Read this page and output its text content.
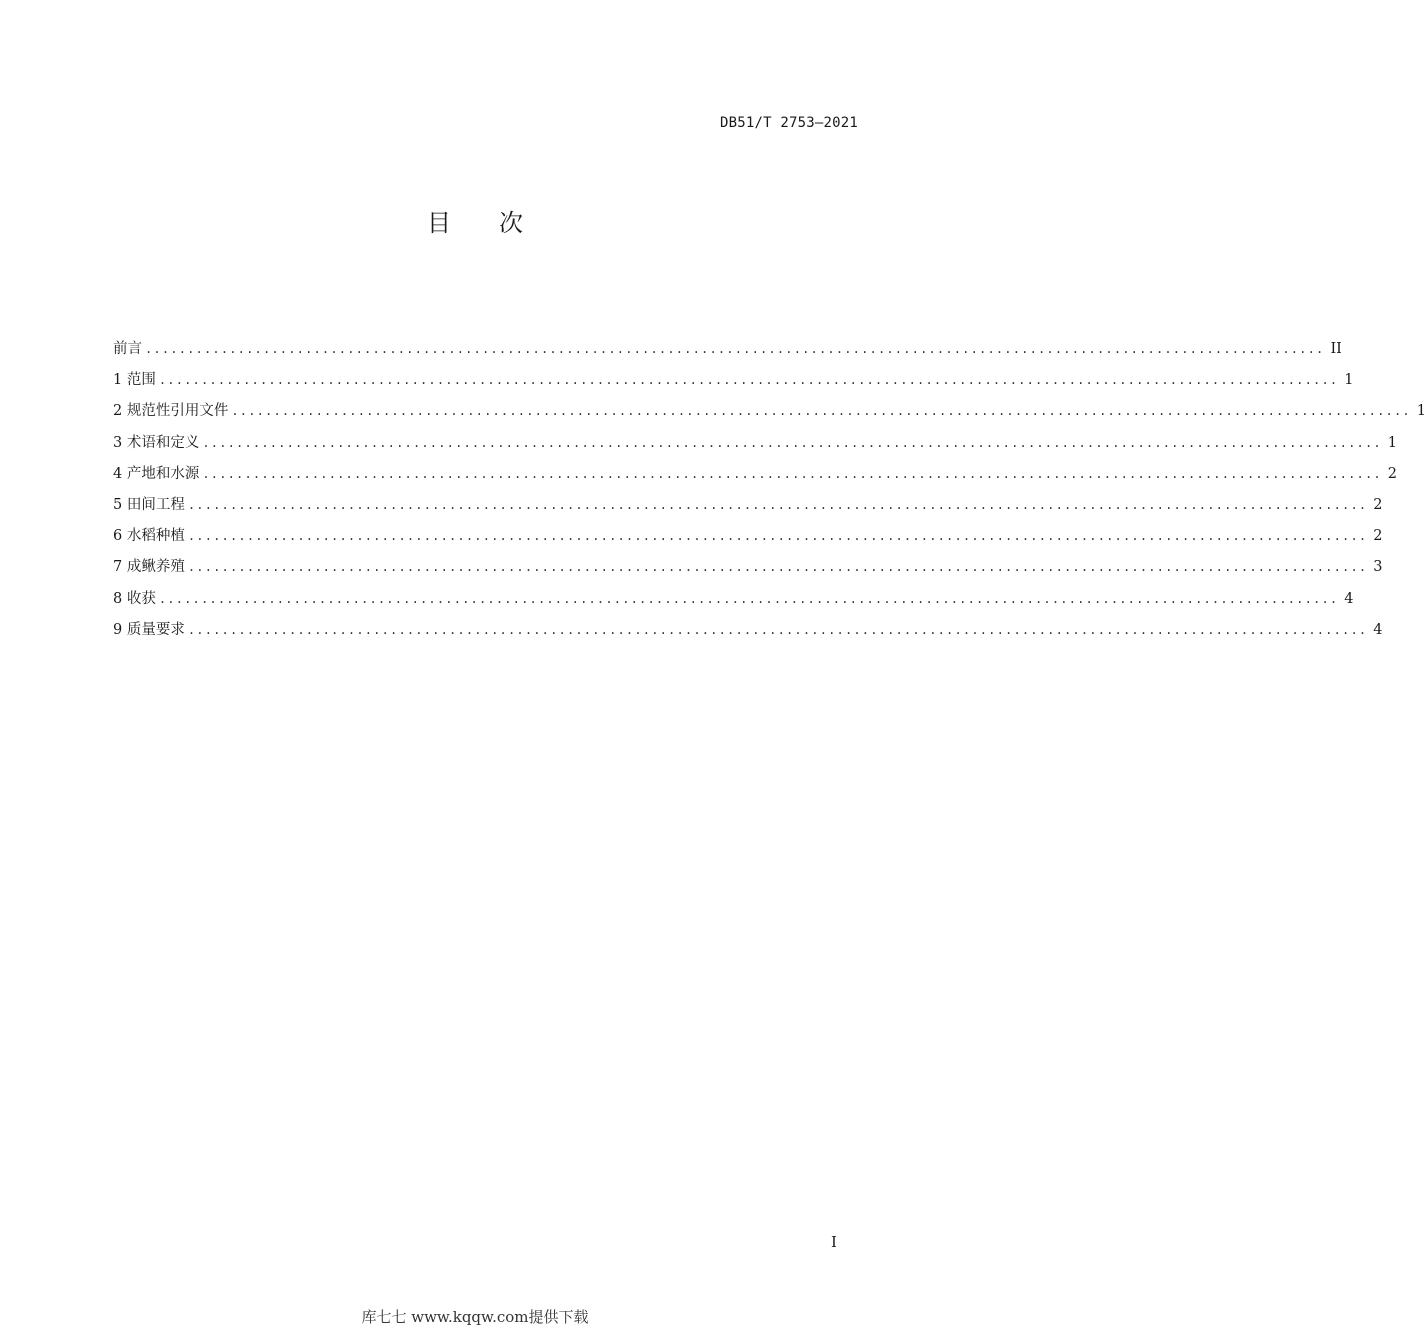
DB51/T 2753—2021
目 次
前言 ............................................................................................................................................ II
1 范围 ............................................................................................................................................ 1
2 规范性引用文件 ............................................................................................................................................ 1
3 术语和定义 ............................................................................................................................................ 1
4 产地和水源 ............................................................................................................................................ 2
5 田间工程 ............................................................................................................................................ 2
6 水稻种植 ............................................................................................................................................ 2
7 成鳅养殖 ............................................................................................................................................ 3
8 收获 ............................................................................................................................................ 4
9 质量要求 ............................................................................................................................................ 4
I
库七七 www.kqqw.com提供下载
